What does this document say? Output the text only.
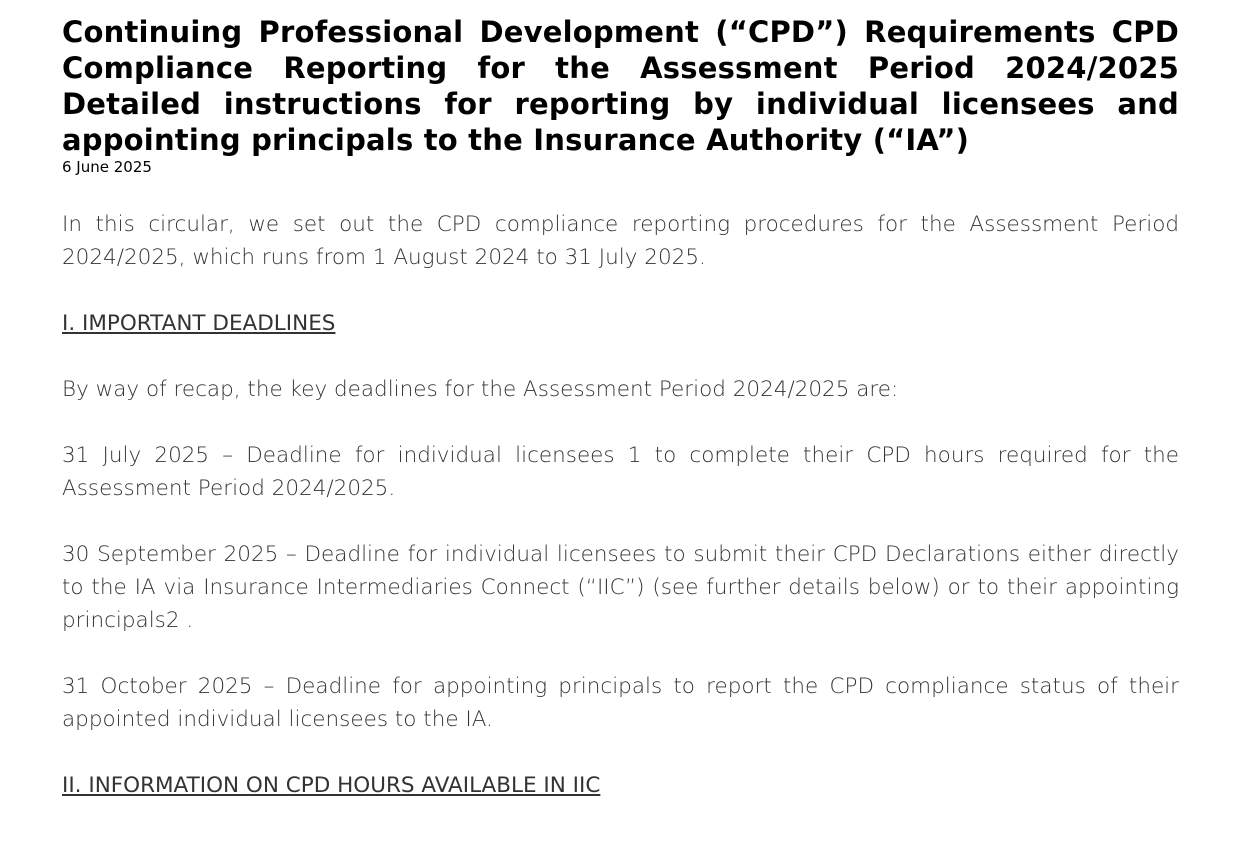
Continuing Professional Development (“CPD”) Requirements CPD Compliance Reporting for the Assessment Period 2024/2025 Detailed instructions for reporting by individual licensees and appointing principals to the Insurance Authority (“IA”)

6 June 2025

In this circular, we set out the CPD compliance reporting procedures for the Assessment Period 2024/2025, which runs from 1 August 2024 to 31 July 2025.

I. IMPORTANT DEADLINES

By way of recap, the key deadlines for the Assessment Period 2024/2025 are:

31 July 2025 – Deadline for individual licensees 1 to complete their CPD hours required for the Assessment Period 2024/2025.

30 September 2025 – Deadline for individual licensees to submit their CPD Declarations either directly to the IA via Insurance Intermediaries Connect (“IIC”) (see further details below) or to their appointing principals2 .

31 October 2025 – Deadline for appointing principals to report the CPD compliance status of their appointed individual licensees to the IA.

II. INFORMATION ON CPD HOURS AVAILABLE IN IIC
